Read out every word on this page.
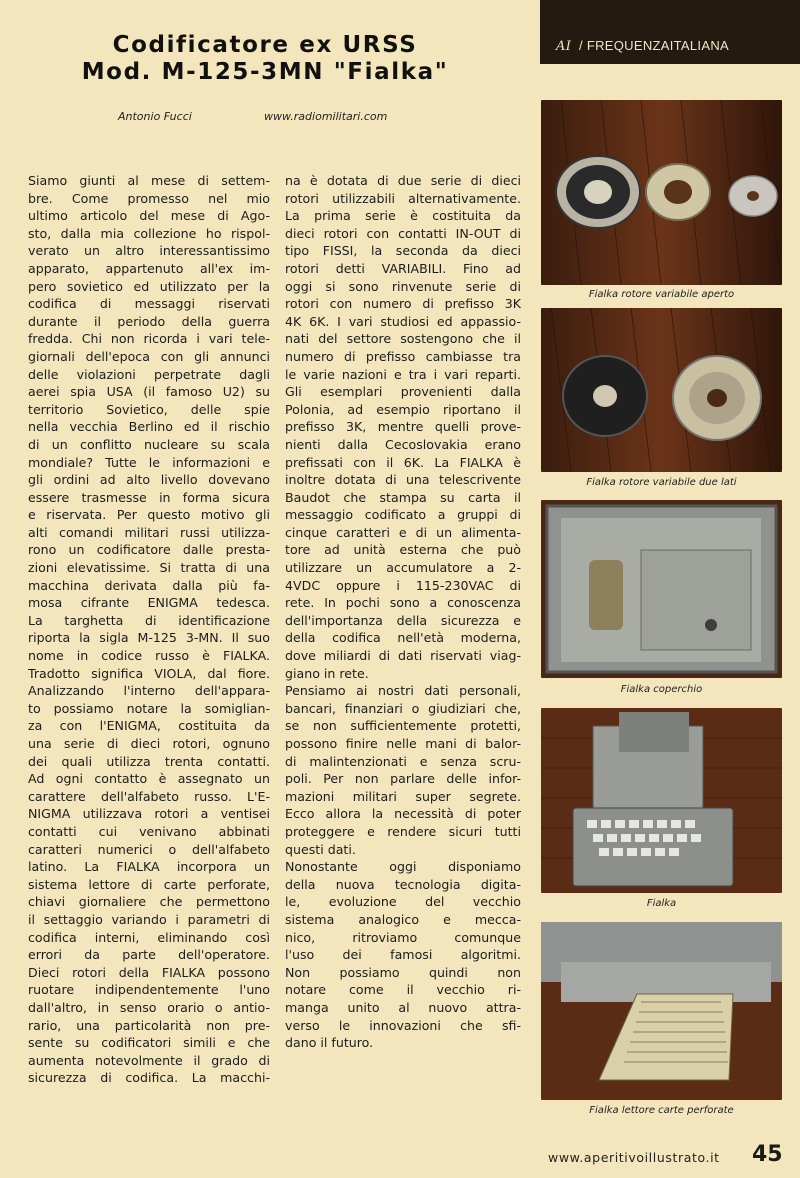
AI / FREQUENZAITALIANA
Codificatore ex URSS
Mod. M-125-3MN "Fialka"
Antonio Fucci	www.radiomilitari.com
Siamo giunti al mese di settem-
bre. Come promesso nel mio
ultimo articolo del mese di Ago-
sto, dalla mia collezione ho rispol-
verato un altro interessantissimo
apparato, appartenuto all'ex im-
pero sovietico ed utilizzato per la
codifica di messaggi riservati
durante il periodo della guerra
fredda. Chi non ricorda i vari tele-
giornali dell'epoca con gli annunci
delle violazioni perpetrate dagli
aerei spia USA (il famoso U2) su
territorio Sovietico, delle spie
nella vecchia Berlino ed il rischio
di un conflitto nucleare su scala
mondiale? Tutte le informazioni e
gli ordini ad alto livello dovevano
essere trasmesse in forma sicura
e riservata. Per questo motivo gli
alti comandi militari russi utilizza-
rono un codificatore dalle presta-
zioni elevatissime. Si tratta di una
macchina derivata dalla più fa-
mosa cifrante ENIGMA tedesca.
La targhetta di identificazione
riporta la sigla M-125 3-MN. Il suo
nome in codice russo è FIALKA.
Tradotto significa VIOLA, dal fiore.
Analizzando l'interno dell'appara-
to possiamo notare la somiglian-
za con l'ENIGMA, costituita da
una serie di dieci rotori, ognuno
dei quali utilizza trenta contatti.
Ad ogni contatto è assegnato un
carattere dell'alfabeto russo. L'E-
NIGMA utilizzava rotori a ventisei
contatti cui venivano abbinati
caratteri numerici o dell'alfabeto
latino. La FIALKA incorpora un
sistema lettore di carte perforate,
chiavi giornaliere che permettono
il settaggio variando i parametri di
codifica interni, eliminando così
errori da parte dell'operatore.
Dieci rotori della FIALKA possono
ruotare indipendentemente l'uno
dall'altro, in senso orario o antio-
rario, una particolarità non pre-
sente su codificatori simili e che
aumenta notevolmente il grado di
sicurezza di codifica. La macchi-
na è dotata di due serie di dieci
rotori utilizzabili alternativamente.
La prima serie è costituita da
dieci rotori con contatti IN-OUT di
tipo FISSI, la seconda da dieci
rotori detti VARIABILI. Fino ad
oggi si sono rinvenute serie di
rotori con numero di prefisso 3K
4K 6K. I vari studiosi ed appassio-
nati del settore sostengono che il
numero di prefisso cambiasse tra
le varie nazioni e tra i vari reparti.
Gli esemplari provenienti dalla
Polonia, ad esempio riportano il
prefisso 3K, mentre quelli prove-
nienti dalla Cecoslovakia erano
prefissati con il 6K. La FIALKA è
inoltre dotata di una telescrivente
Baudot che stampa su carta il
messaggio codificato a gruppi di
cinque caratteri e di un alimenta-
tore ad unità esterna che può
utilizzare un accumulatore a 2-
4VDC oppure i 115-230VAC di
rete. In pochi sono a conoscenza
dell'importanza della sicurezza e
della codifica nell'età moderna,
dove miliardi di dati riservati viag-
giano in rete.
Pensiamo ai nostri dati personali,
bancari, finanziari o giudiziari che,
se non sufficientemente protetti,
possono finire nelle mani di balor-
di malintenzionati e senza scru-
poli. Per non parlare delle infor-
mazioni militari super segrete.
Ecco allora la necessità di poter
proteggere e rendere sicuri tutti
questi dati.
Nonostante oggi disponiamo
della nuova tecnologia digita-
le, evoluzione del vecchio
sistema analogico e mecca-
nico, ritroviamo comunque
l'uso dei famosi algoritmi.
Non possiamo quindi non
notare come il vecchio ri-
manga unito al nuovo attra-
verso le innovazioni che sfi-
dano il futuro.
Fialka rotore variabile aperto
Fialka rotore variabile due lati
Fialka coperchio
Fialka
Fialka lettore carte perforate
www.aperitivoillustrato.it 45
